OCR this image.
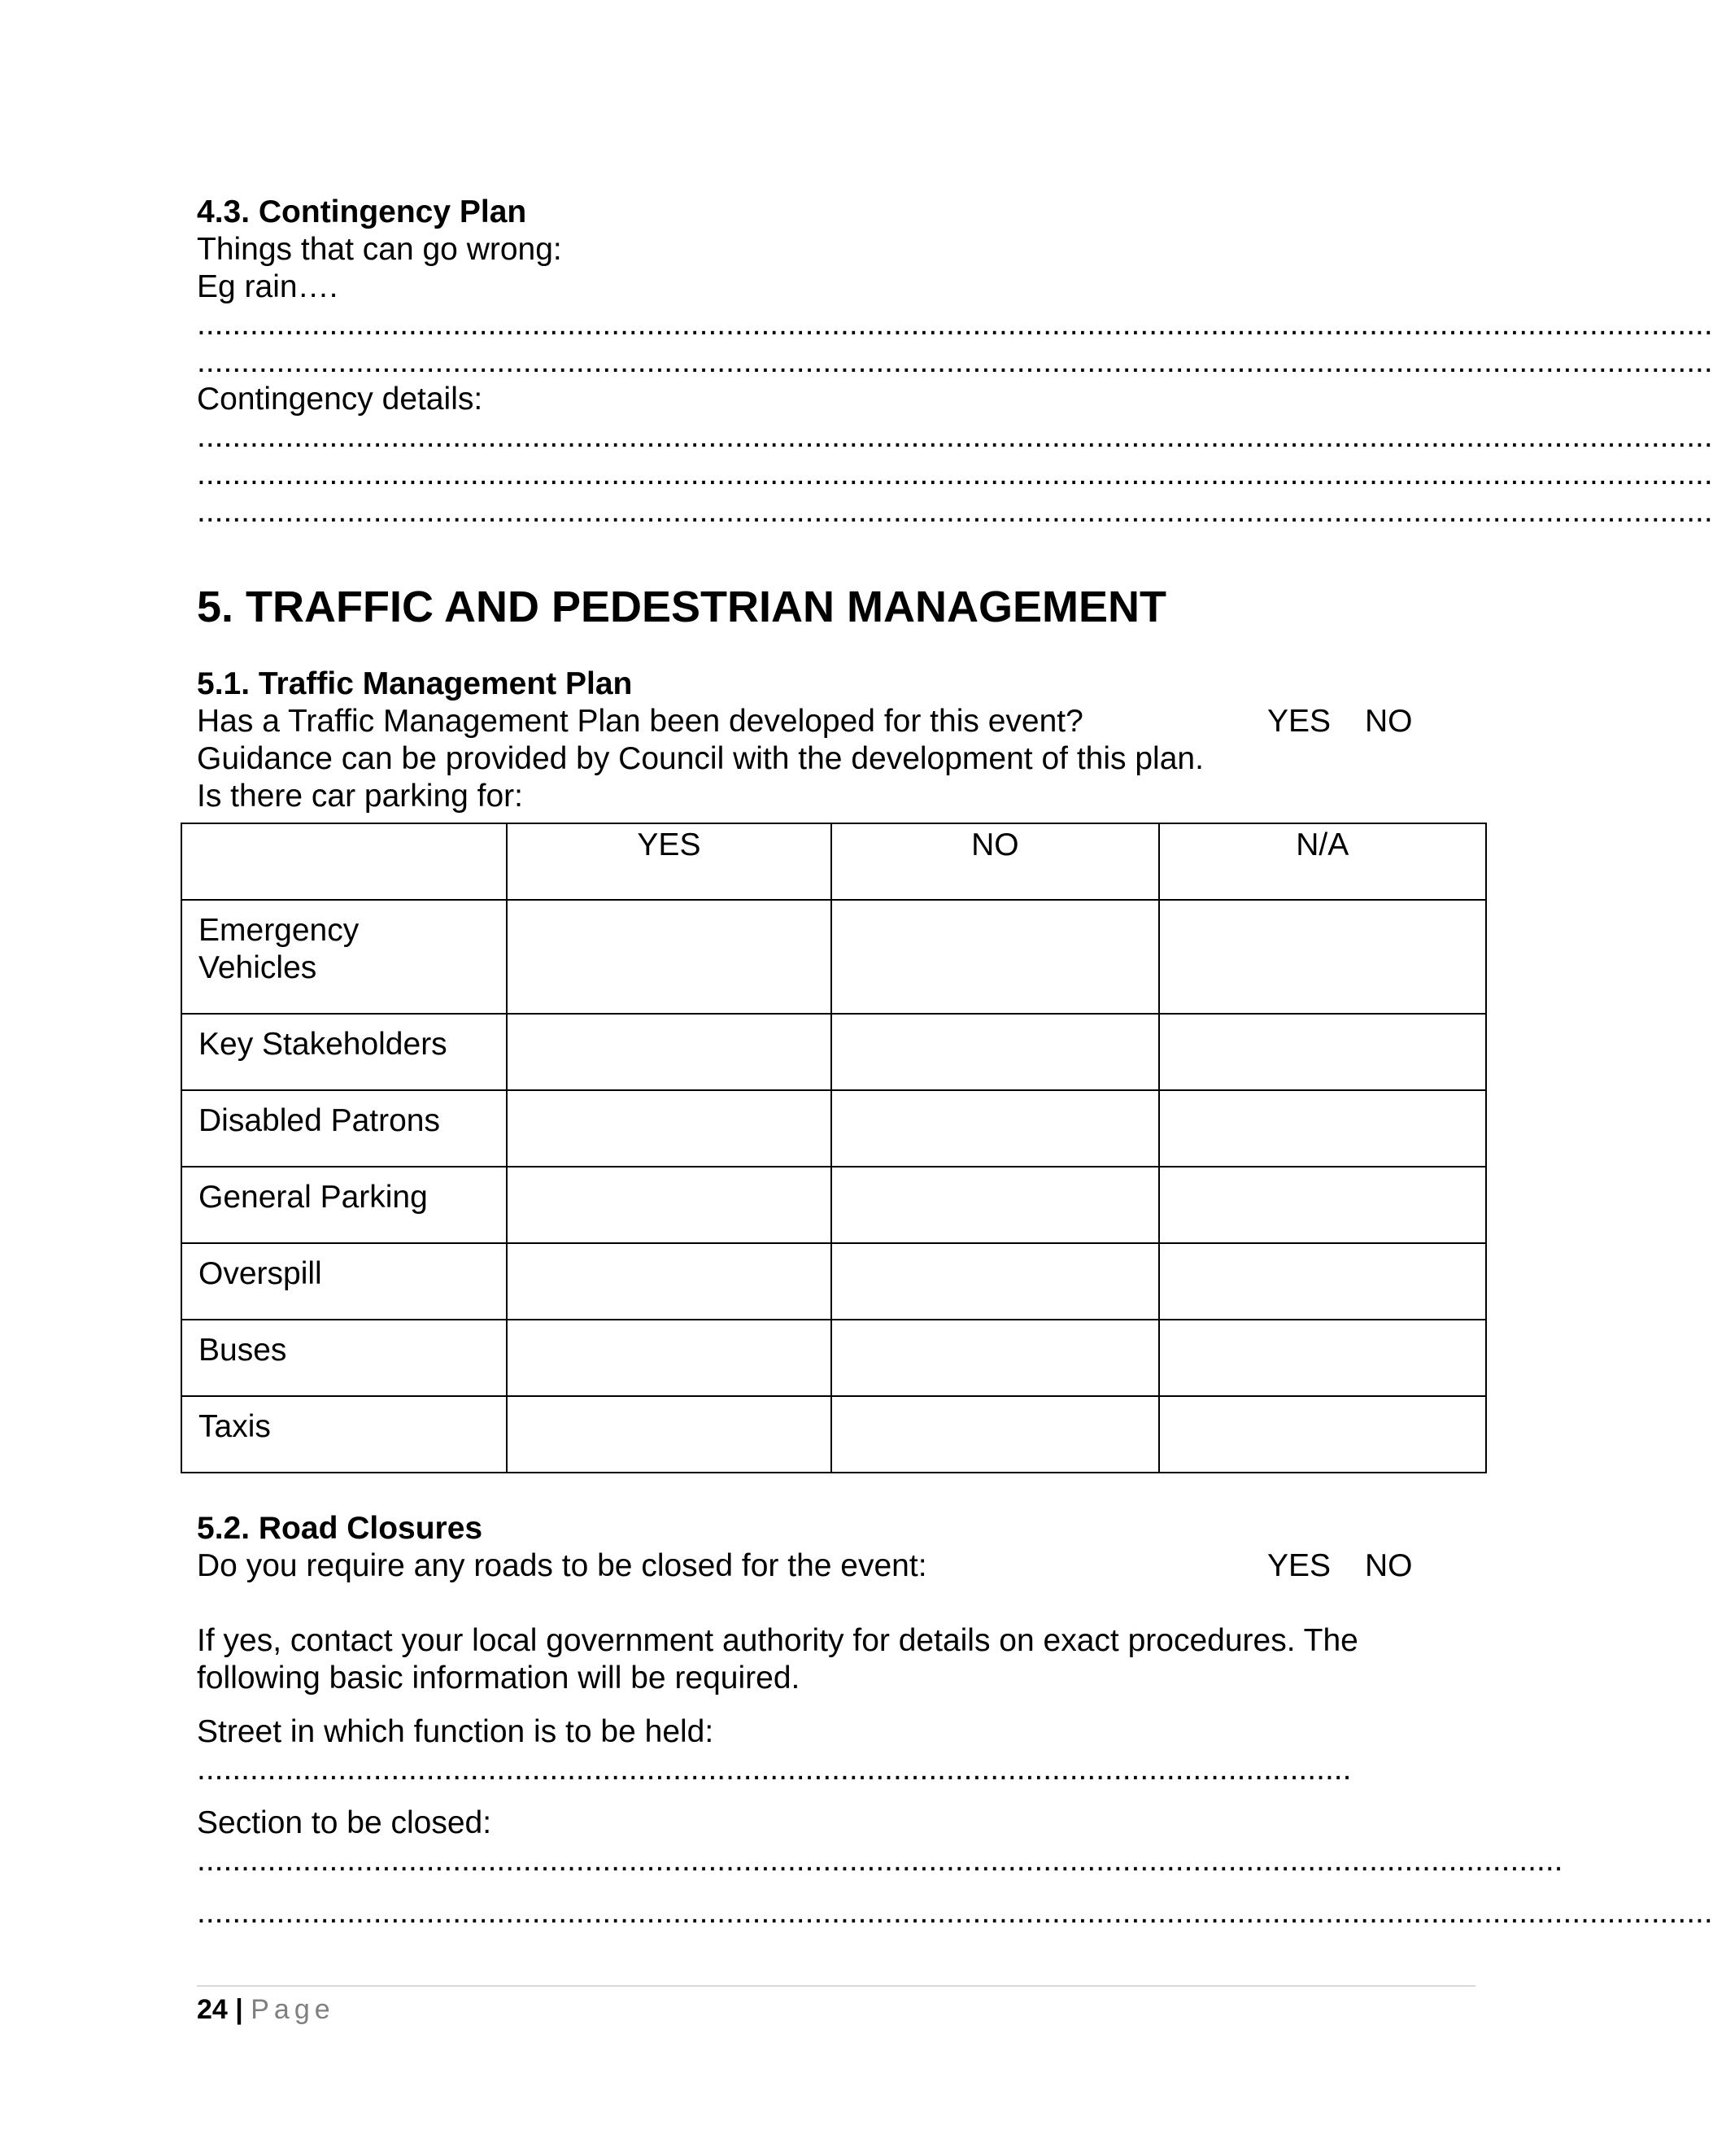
4.3. Contingency Plan
Things that can go wrong:
Eg rain….
............................................................................................................................................................................
............................................................................................................................................................................
Contingency details:
............................................................................................................................................................................
............................................................................................................................................................................
............................................................................................................................................................................
5. TRAFFIC AND PEDESTRIAN MANAGEMENT
5.1. Traffic Management Plan
Has a Traffic Management Plan been developed for this event?	YES NO
Guidance can be provided by Council with the development of this plan.
Is there car parking for:
	YES	NO	N/A
Emergency
Vehicles			
Key Stakeholders			
Disabled Patrons			
General Parking			
Overspill			
Buses			
Taxis			
5.2. Road Closures
Do you require any roads to be closed for the event:	YES NO
If yes, contact your local government authority for details on exact procedures. The
following basic information will be required.
Street in which function is to be held:
...................................................................................................................................
Section to be closed:
...........................................................................................................................................................
............................................................................................................................................................................
24 | Page
